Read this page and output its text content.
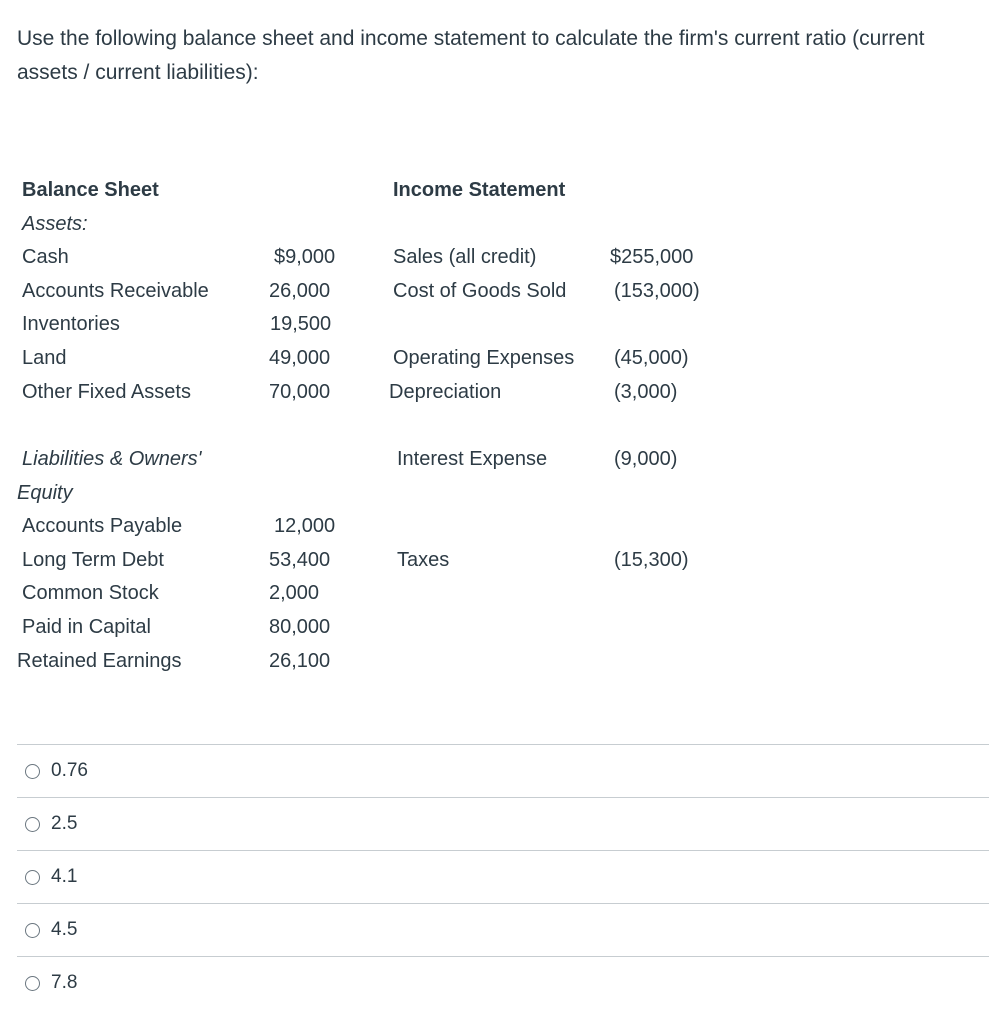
Use the following balance sheet and income statement to calculate the firm's current ratio (current assets / current liabilities):
Balance Sheet
Assets:
Cash	$9,000
Accounts Receivable	26,000
Inventories	19,500
Land	49,000
Other Fixed Assets	70,000
Liabilities & Owners'
Equity
Accounts Payable	12,000
Long Term Debt	53,400
Common Stock	2,000
Paid in Capital	80,000
Retained Earnings	26,100
Income Statement
Sales (all credit)	$255,000
Cost of Goods Sold (153,000)
Operating Expenses (45,000)
Depreciation	(3,000)
Interest Expense	(9,000)
Taxes	(15,300)
0.76
2.5
4.1
4.5
7.8
